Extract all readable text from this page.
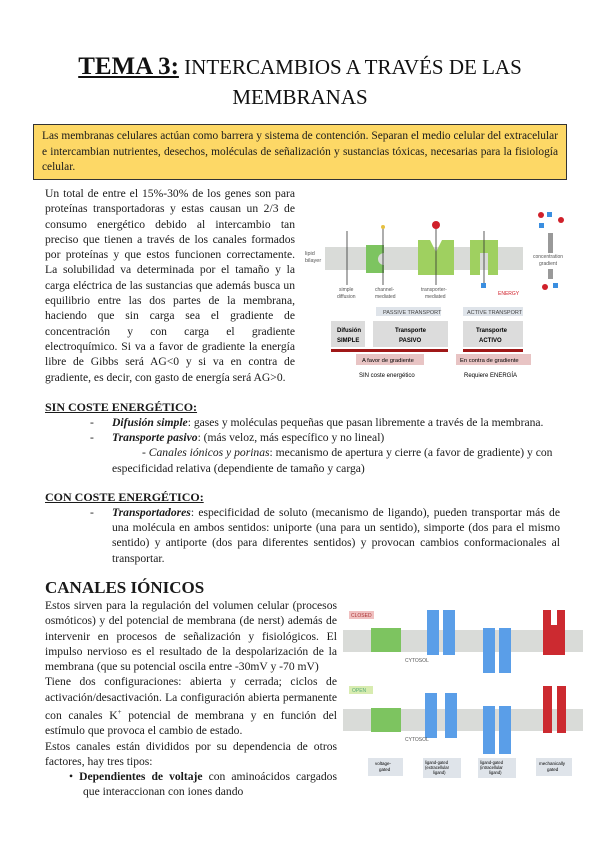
TEMA 3: INTERCAMBIOS A TRAVÉS DE LAS
MEMBRANAS
Las membranas celulares actúan como barrera y sistema de contención. Separan el medio celular del extracelular e intercambian nutrientes, desechos, moléculas de señalización y sustancias tóxicas, necesarias para la fisiología celular.
Un total de entre el 15%-30% de los genes son para proteínas transportadoras y estas causan un 2/3 de consumo energético debido al intercambio tan preciso que tienen a través de los canales formados por proteínas y que estos funcionen correctamente. La solubilidad va determinada por el tamaño y la carga eléctrica de las sustancias que además busca un equilibrio entre las dos partes de la membrana, haciendo que sin carga sea el gradiente de concentración y con carga el gradiente electroquímico. Si va a favor de gradiente la energía libre de Gibbs será AG<0 y si va en contra de gradiente, es decir, con gasto de energía será AG>0.
lipid
bilayer
ENERGY
concentration
gradient
simple
diffusion
channel-
mediated
transporter-
mediated
PASSIVE TRANSPORT	ACTIVE TRANSPORT
Difusión
SIMPLE
Transporte
PASIVO
Transporte
ACTIVO
A favor de gradiente	En contra de gradiente
SIN coste energético	Requiere ENERGÍA
SIN COSTE ENERGÉTICO:
- Difusión simple: gases y moléculas pequeñas que pasan libremente a través de la membrana.
- Transporte pasivo: (más veloz, más específico y no lineal)
- Canales iónicos y porinas: mecanismo de apertura y cierre (a favor de gradiente) y con especificidad relativa (dependiente de tamaño y carga)
CON COSTE ENERGÉTICO:
- Transportadores: especificidad de soluto (mecanismo de ligando), pueden transportar más de una molécula en ambos sentidos: uniporte (una para un sentido), simporte (dos para el mismo sentido) y antiporte (dos para diferentes sentidos) y provocan cambios conformacionales al transportar.
CANALES IÓNICOS
Estos sirven para la regulación del volumen celular (procesos osmóticos) y del potencial de membrana (de nerst) además de intervenir en procesos de señalización y fisiológicos. El impulso nervioso es el resultado de la despolarización de la membrana (que su potencial oscila entre -30mV y -70 mV)
Tiene dos configuraciones: abierta y cerrada; ciclos de activación/desactivación. La configuración abierta permanente con canales K+ potencial de membrana y en función del estímulo que provoca el cambio de estado.
Estos canales están divididos por su dependencia de otros factores, hay tres tipos:
• Dependientes de voltaje con aminoácidos cargados que interaccionan con iones dando
CLOSED
OPEN
CYTOSOL
CYTOSOL
voltage-
gated
ligand-gated
(extracellular
ligand)
ligand-gated
(intracellular
ligand)
mechanically
gated
